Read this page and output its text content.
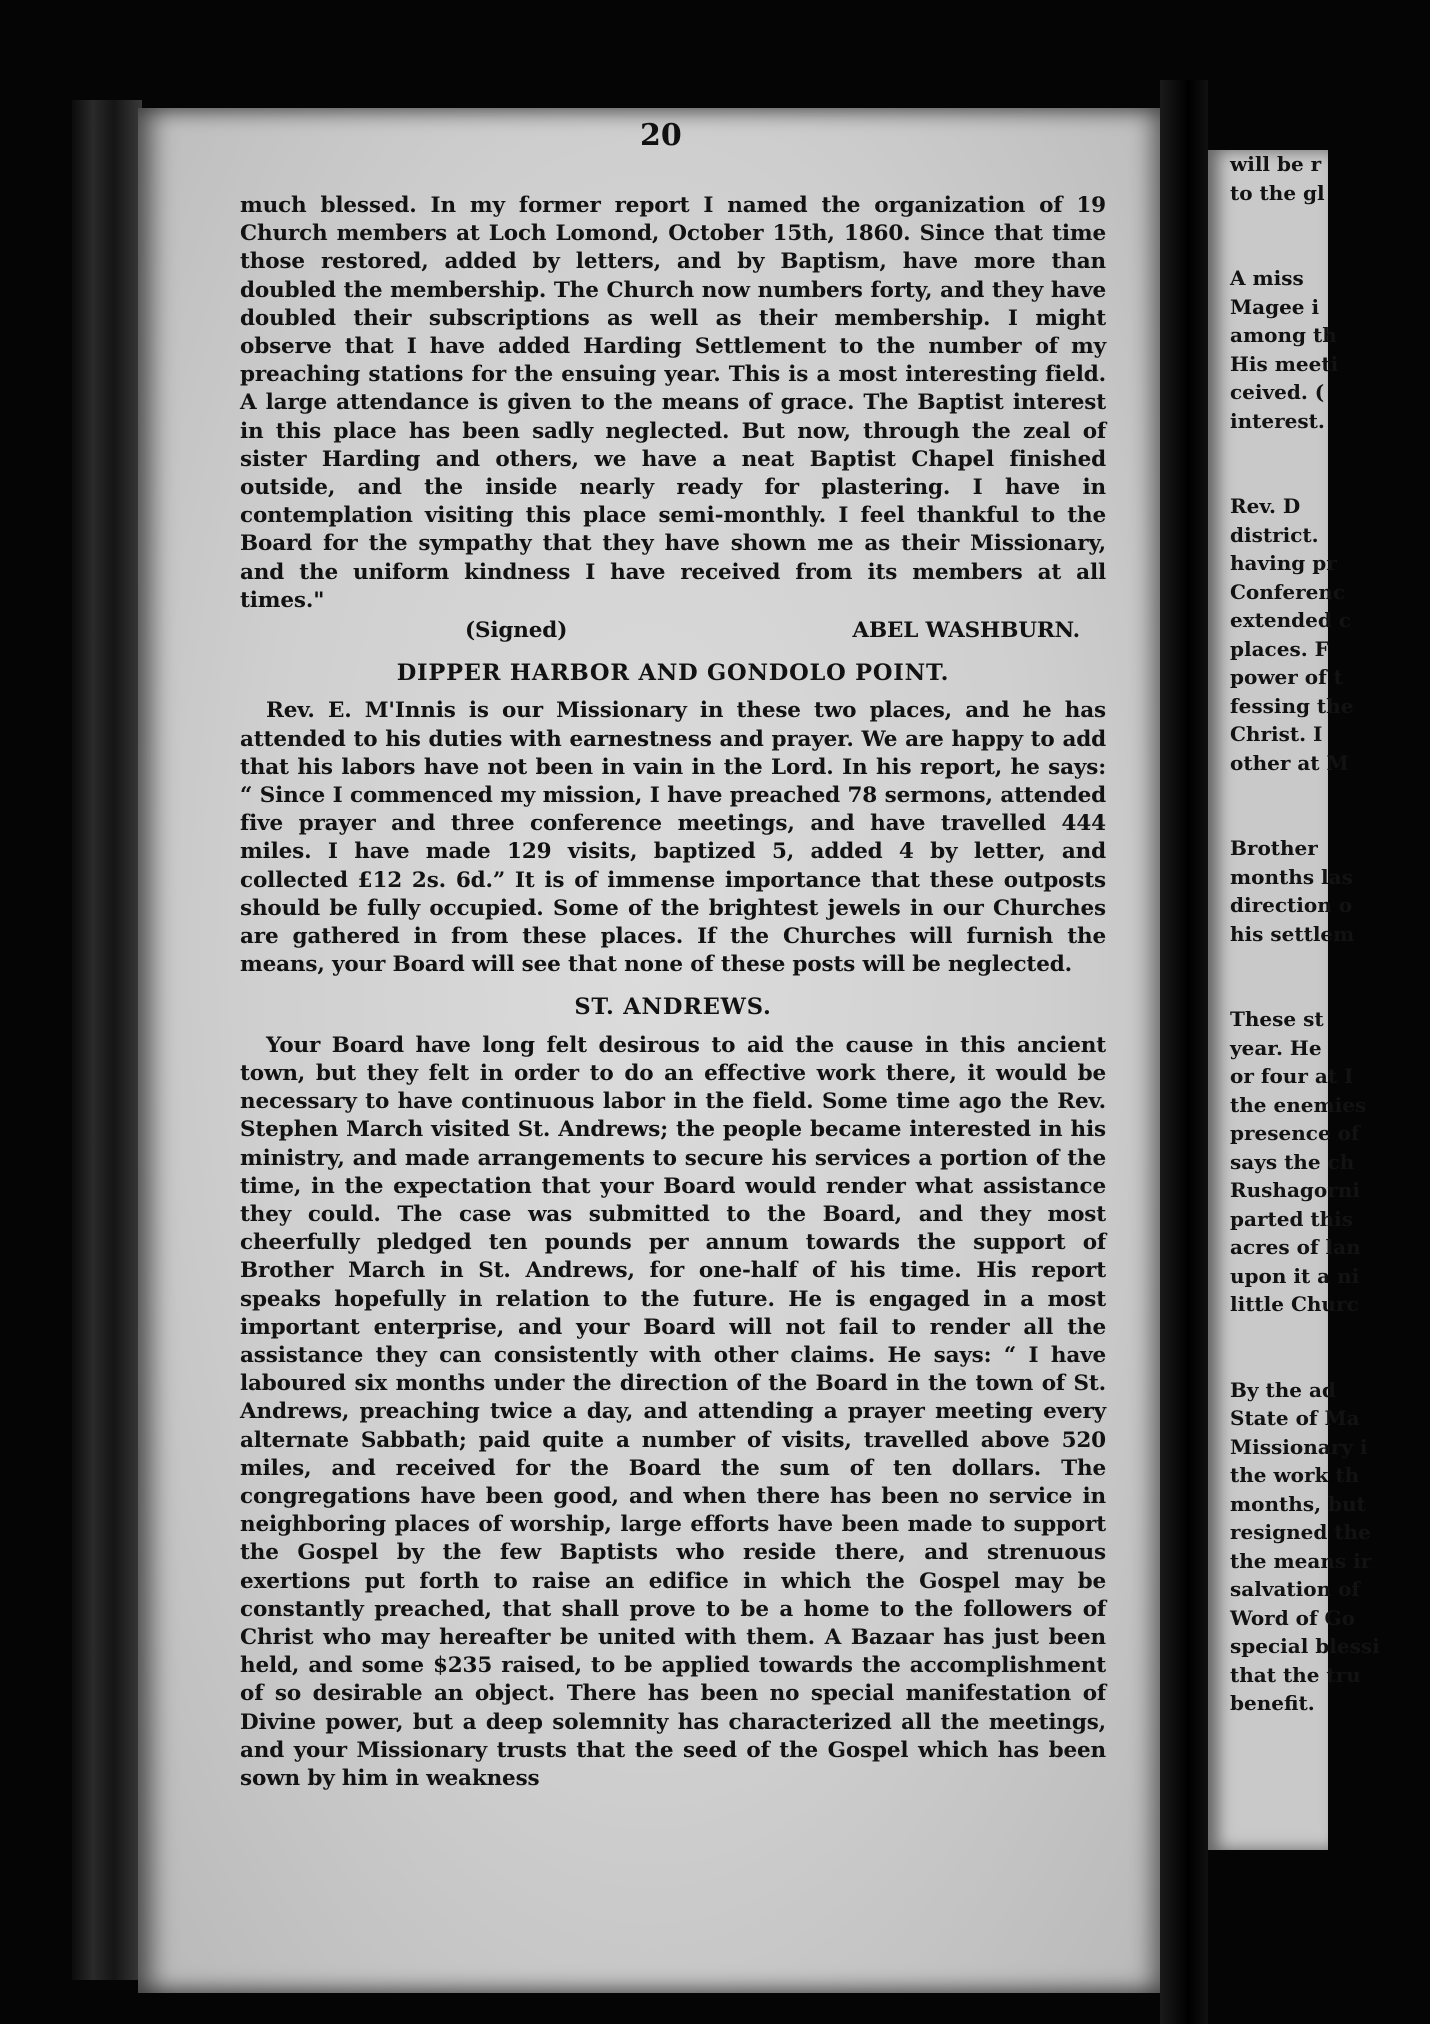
20

much blessed. In my former report I named the organization of 19 Church members at Loch Lomond, October 15th, 1860. Since that time those restored, added by letters, and by Baptism, have more than doubled the membership. The Church now numbers forty, and they have doubled their subscriptions as well as their membership. I might observe that I have added Harding Settlement to the number of my preaching stations for the ensuing year. This is a most interesting field. A large attendance is given to the means of grace. The Baptist interest in this place has been sadly neglected. But now, through the zeal of sister Harding and others, we have a neat Baptist Chapel finished outside, and the inside nearly ready for plastering. I have in contemplation visiting this place semi-monthly. I feel thankful to the Board for the sympathy that they have shown me as their Missionary, and the uniform kindness I have received from its members at all times."

(Signed)	ABEL WASHBURN.
DIPPER HARBOR AND GONDOLO POINT.

Rev. E. M'Innis is our Missionary in these two places, and he has attended to his duties with earnestness and prayer. We are happy to add that his labors have not been in vain in the Lord. In his report, he says: “ Since I commenced my mission, I have preached 78 sermons, attended five prayer and three conference meetings, and have travelled 444 miles. I have made 129 visits, baptized 5, added 4 by letter, and collected £12 2s. 6d.” It is of immense importance that these outposts should be fully occupied. Some of the brightest jewels in our Churches are gathered in from these places. If the Churches will furnish the means, your Board will see that none of these posts will be neglected.

ST. ANDREWS.

Your Board have long felt desirous to aid the cause in this ancient town, but they felt in order to do an effective work there, it would be necessary to have continuous labor in the field. Some time ago the Rev. Stephen March visited St. Andrews; the people became interested in his ministry, and made arrangements to secure his services a portion of the time, in the expectation that your Board would render what assistance they could. The case was submitted to the Board, and they most cheerfully pledged ten pounds per annum towards the support of Brother March in St. Andrews, for one-half of his time. His report speaks hopefully in relation to the future. He is engaged in a most important enterprise, and your Board will not fail to render all the assistance they can consistently with other claims. He says: “ I have laboured six months under the direction of the Board in the town of St. Andrews, preaching twice a day, and attending a prayer meeting every alternate Sabbath; paid quite a number of visits, travelled above 520 miles, and received for the Board the sum of ten dollars. The congregations have been good, and when there has been no service in neighboring places of worship, large efforts have been made to support the Gospel by the few Baptists who reside there, and strenuous exertions put forth to raise an edifice in which the Gospel may be constantly preached, that shall prove to be a home to the followers of Christ who may hereafter be united with them. A Bazaar has just been held, and some $235 raised, to be applied towards the accomplishment of so desirable an object. There has been no special manifestation of Divine power, but a deep solemnity has characterized all the meetings, and your Missionary trusts that the seed of the Gospel which has been sown by him in weakness

will be r
to the gl
A miss
Magee i
among th
His meeti
ceived. (
interest.
Rev. D
district.
having pr
Conferenc
extended c
places. F
power of t
fessing the
Christ. I
other at M
Brother
months las
direction o
his settlem
These st
year. He
or four at I
the enemies
presence of
says the ch
Rushagorni
parted this
acres of lan
upon it a ni
little Churc
By the ad
State of Ma
Missionary i
the work th
months, but
resigned the
the means ir
salvation of
Word of Go
special blessi
that the tru
benefit.
